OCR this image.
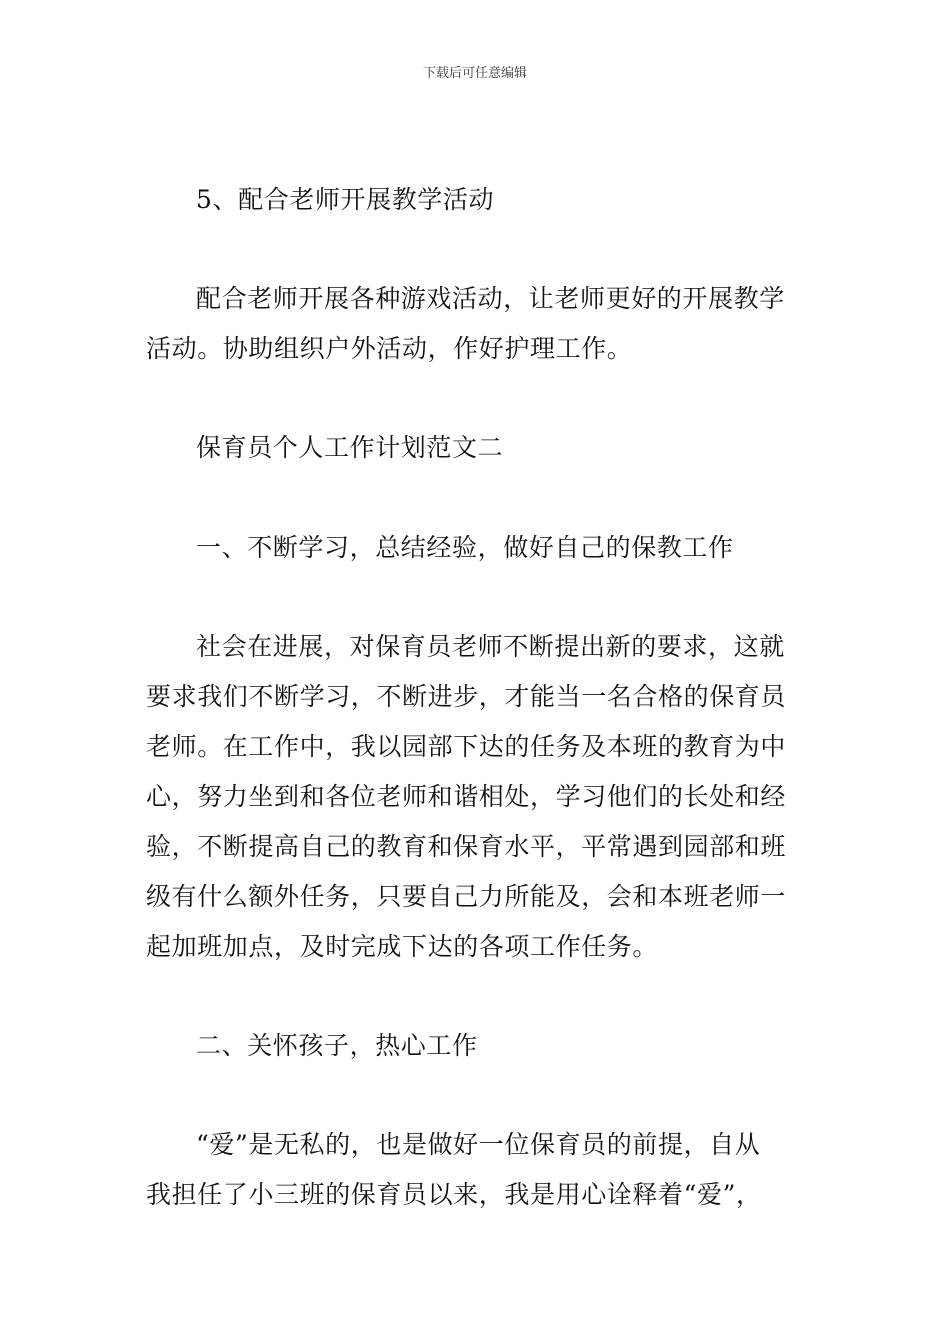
下载后可任意编辑
5、配合老师开展教学活动
配合老师开展各种游戏活动，让老师更好的开展教学
活动。协助组织户外活动，作好护理工作。
保育员个人工作计划范文二
一、不断学习，总结经验，做好自己的保教工作
社会在进展，对保育员老师不断提出新的要求，这就
要求我们不断学习，不断进步，才能当一名合格的保育员
老师。在工作中，我以园部下达的任务及本班的教育为中
心，努力坐到和各位老师和谐相处，学习他们的长处和经
验，不断提高自己的教育和保育水平，平常遇到园部和班
级有什么额外任务，只要自己力所能及，会和本班老师一
起加班加点，及时完成下达的各项工作任务。
二、关怀孩子，热心工作
“爱”是无私的，也是做好一位保育员的前提，自从
我担任了小三班的保育员以来，我是用心诠释着“爱”，
